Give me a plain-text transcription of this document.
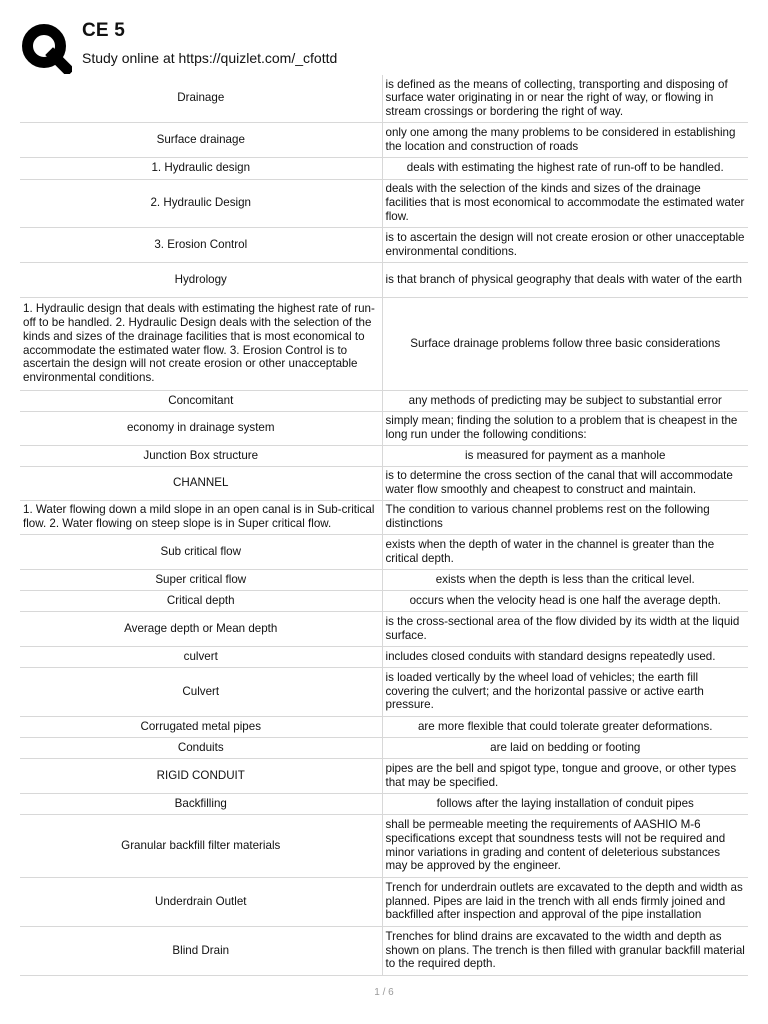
CE 5
Study online at https://quizlet.com/_cfottd
Drainage	is defined as the means of collecting, transporting and disposing of surface water originating in or near the right of way, or flowing in stream crossings or bordering the right of way.
Surface drainage	only one among the many problems to be considered in establishing the location and construction of roads
1. Hydraulic design	deals with estimating the highest rate of run-off to be handled.
2. Hydraulic Design	deals with the selection of the kinds and sizes of the drainage facilities that is most economical to accommodate the estimated water flow.
3. Erosion Control	is to ascertain the design will not create erosion or other unacceptable environmental conditions.
Hydrology	is that branch of physical geography that deals with water of the earth
1. Hydraulic design that deals with estimating the highest rate of run-off to be handled. 2. Hydraulic Design deals with the selection of the kinds and sizes of the drainage facilities that is most economical to accommodate the estimated water flow. 3. Erosion Control is to ascertain the design will not create erosion or other unacceptable environmental conditions.	Surface drainage problems follow three basic considerations
Concomitant	any methods of predicting may be subject to substantial error
economy in drainage system	simply mean; finding the solution to a problem that is cheapest in the long run under the following conditions:
Junction Box structure	is measured for payment as a manhole
CHANNEL	is to determine the cross section of the canal that will accommodate water flow smoothly and cheapest to construct and maintain.
1. Water flowing down a mild slope in an open canal is in Sub-critical flow. 2. Water flowing on steep slope is in Super critical flow.	The condition to various channel problems rest on the following distinctions
Sub critical flow	exists when the depth of water in the channel is greater than the critical depth.
Super critical flow	exists when the depth is less than the critical level.
Critical depth	occurs when the velocity head is one half the average depth.
Average depth or Mean depth	is the cross-sectional area of the flow divided by its width at the liquid surface.
culvert	includes closed conduits with standard designs repeatedly used.
Culvert	is loaded vertically by the wheel load of vehicles; the earth fill covering the culvert; and the horizontal passive or active earth pressure.
Corrugated metal pipes	are more flexible that could tolerate greater deformations.
Conduits	are laid on bedding or footing
RIGID CONDUIT	pipes are the bell and spigot type, tongue and groove, or other types that may be specified.
Backfilling	follows after the laying installation of conduit pipes
Granular backfill filter materials	shall be permeable meeting the requirements of AASHIO M-6 specifications except that soundness tests will not be required and minor variations in grading and content of deleterious substances may be approved by the engineer.
Underdrain Outlet	Trench for underdrain outlets are excavated to the depth and width as planned. Pipes are laid in the trench with all ends firmly joined and backfilled after inspection and approval of the pipe installation
Blind Drain	Trenches for blind drains are excavated to the width and depth as shown on plans. The trench is then filled with granular backfill material to the required depth.
1 / 6
